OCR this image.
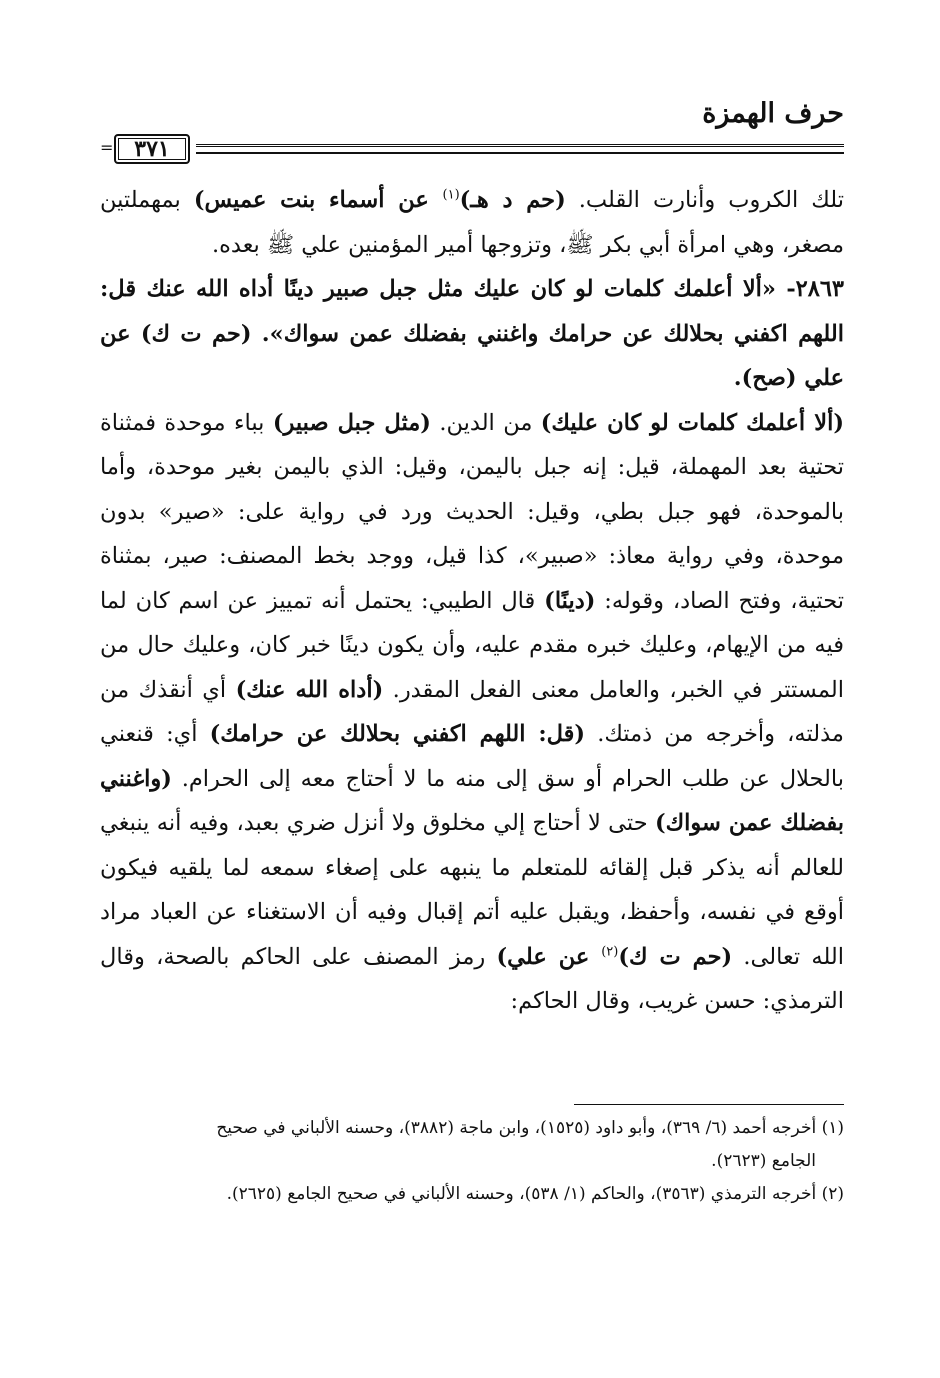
حرف الهمزة
٣٧١
=

تلك الكروب وأنارت القلب. (حم د هـ)$^{(١)}$ عن أسماء بنت عميس) بمهملتين مصغر، وهي امرأة أبي بكر ﷺ، وتزوجها أمير المؤمنين علي ﷺ بعده.

٢٨٦٣- «ألا أعلمك كلمات لو كان عليك مثل جبل صبير دينًا أداه الله عنك قل: اللهم اكفني بحلالك عن حرامك واغنني بفضلك عمن سواك». (حم ت ك) عن علي (صح).

(ألا أعلمك كلمات لو كان عليك) من الدين. (مثل جبل صبير) بباء موحدة فمثناة تحتية بعد المهملة، قيل: إنه جبل باليمن، وقيل: الذي باليمن بغير موحدة، وأما بالموحدة، فهو جبل بطي، وقيل: الحديث ورد في رواية على: «صير» بدون موحدة، وفي رواية معاذ: «صبير»، كذا قيل، ووجد بخط المصنف: صير، بمثناة تحتية، وفتح الصاد، وقوله: (دينًا) قال الطيبي: يحتمل أنه تمييز عن اسم كان لما فيه من الإيهام، وعليك خبره مقدم عليه، وأن يكون دينًا خبر كان، وعليك حال من المستتر في الخبر، والعامل معنى الفعل المقدر. (أداه الله عنك) أي أنقذك من مذلته، وأخرجه من ذمتك. (قل: اللهم اكفني بحلالك عن حرامك) أي: قنعني بالحلال عن طلب الحرام أو سق إلى منه ما لا أحتاج معه إلى الحرام. (واغنني بفضلك عمن سواك) حتى لا أحتاج إلي مخلوق ولا أنزل ضري بعبد، وفيه أنه ينبغي للعالم أنه يذكر قبل إلقائه للمتعلم ما ينبهه على إصغاء سمعه لما يلقيه فيكون أوقع في نفسه، وأحفظ، ويقبل عليه أتم إقبال وفيه أن الاستغناء عن العباد مراد الله تعالى. (حم ت ك)$^{(٢)}$ عن علي) رمز المصنف على الحاكم بالصحة، وقال الترمذي: حسن غريب، وقال الحاكم:

(١) أخرجه أحمد (٦/ ٣٦٩)، وأبو داود (١٥٢٥)، وابن ماجة (٣٨٨٢)، وحسنه الألباني في صحيح

الجامع (٢٦٢٣).

(٢) أخرجه الترمذي (٣٥٦٣)، والحاكم (١/ ٥٣٨)، وحسنه الألباني في صحيح الجامع (٢٦٢٥).
